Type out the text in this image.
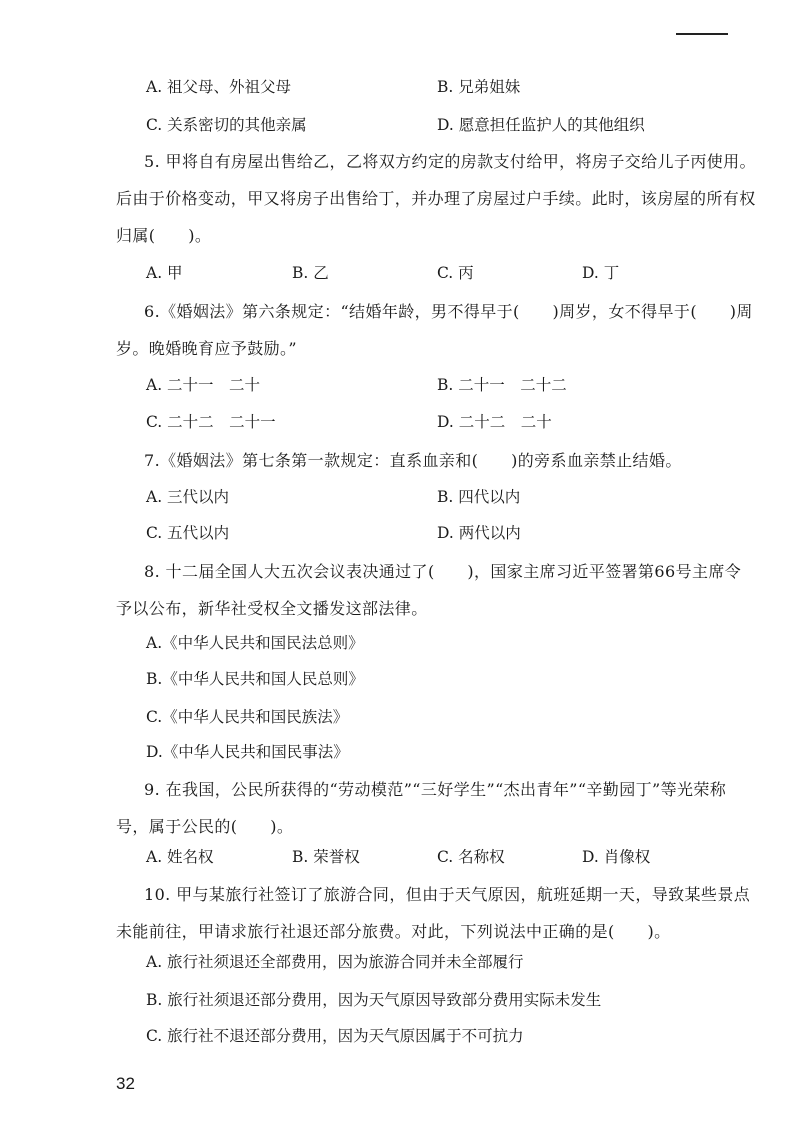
A. 祖父母、外祖父母	B. 兄弟姐妹
C. 关系密切的其他亲属	D. 愿意担任监护人的其他组织
5. 甲将自有房屋出售给乙，乙将双方约定的房款支付给甲，将房子交给儿子丙使用。后由于价格变动，甲又将房子出售给丁，并办理了房屋过户手续。此时，该房屋的所有权归属(　　)。
A. 甲	B. 乙	C. 丙	D. 丁
6.《婚姻法》第六条规定：“结婚年龄，男不得早于(　　)周岁，女不得早于(　　)周岁。晚婚晚育应予鼓励。”
A. 二十一　二十	B. 二十一　二十二
C. 二十二　二十一	D. 二十二　二十
7.《婚姻法》第七条第一款规定：直系血亲和(　　)的旁系血亲禁止结婚。
A. 三代以内	B. 四代以内
C. 五代以内	D. 两代以内
8. 十二届全国人大五次会议表决通过了(　　)，国家主席习近平签署第66号主席令予以公布，新华社受权全文播发这部法律。
A.《中华人民共和国民法总则》
B.《中华人民共和国人民总则》
C.《中华人民共和国民族法》
D.《中华人民共和国民事法》
9. 在我国，公民所获得的“劳动模范”“三好学生”“杰出青年”“辛勤园丁”等光荣称号，属于公民的(　　)。
A. 姓名权	B. 荣誉权	C. 名称权	D. 肖像权
10. 甲与某旅行社签订了旅游合同，但由于天气原因，航班延期一天，导致某些景点未能前往，甲请求旅行社退还部分旅费。对此，下列说法中正确的是(　　)。
A. 旅行社须退还全部费用，因为旅游合同并未全部履行
B. 旅行社须退还部分费用，因为天气原因导致部分费用实际未发生
C. 旅行社不退还部分费用，因为天气原因属于不可抗力
32
